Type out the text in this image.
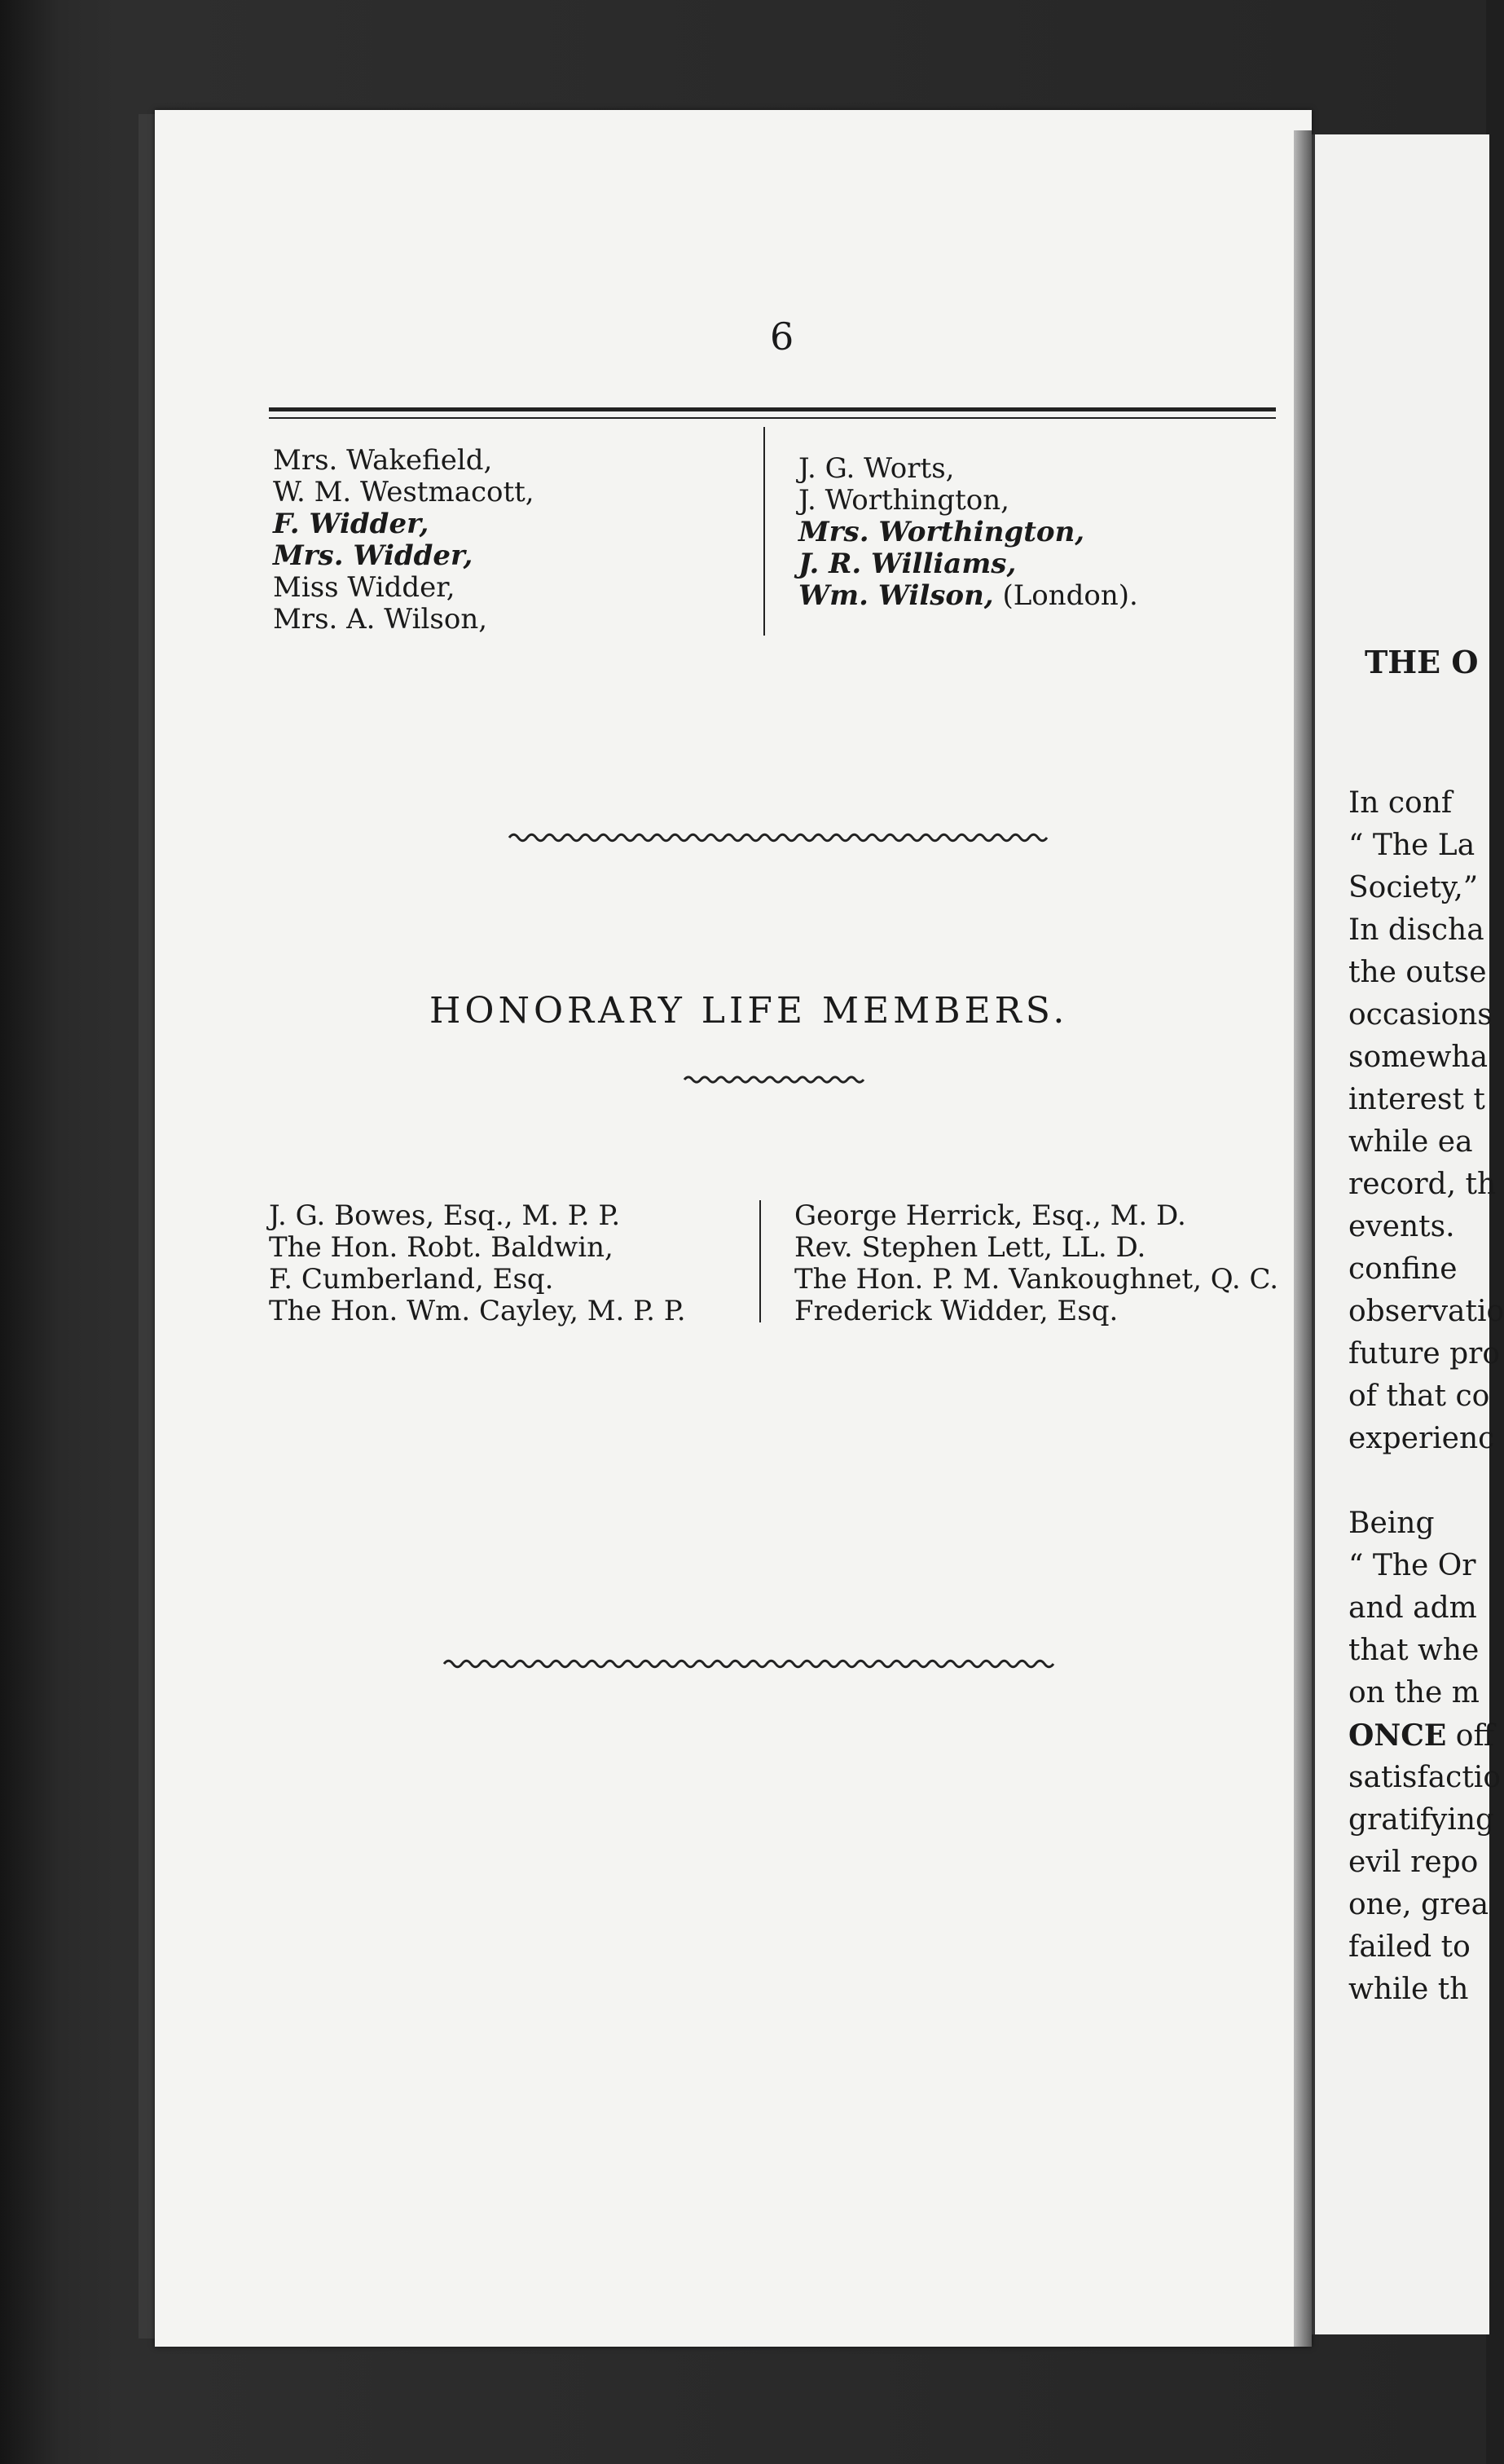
6
Mrs. Wakefield,
W. M. Westmacott,
F. Widder,
Mrs. Widder,
Miss Widder,
Mrs. A. Wilson,
J. G. Worts,
J. Worthington,
Mrs. Worthington,
J. R. Williams,
Wm. Wilson, (London).
HONORARY LIFE MEMBERS.
J. G. Bowes, Esq., M. P. P.
The Hon. Robt. Baldwin,
F. Cumberland, Esq.
The Hon. Wm. Cayley, M. P. P.
George Herrick, Esq., M. D.
Rev. Stephen Lett, LL. D.
The Hon. P. M. Vankoughnet, Q. C.
Frederick Widder, Esq.
THE O
In conf
“ The La
Society,”
In discha
the outse
occasions
somewha
interest t
while ea
record, th
events.
confine
observatio
future pro
of that co
experienc
Being
“ The Or
and adm
that whe
on the m
ONCE off
satisfactio
gratifying
evil repo
one, grea
failed to
while th
